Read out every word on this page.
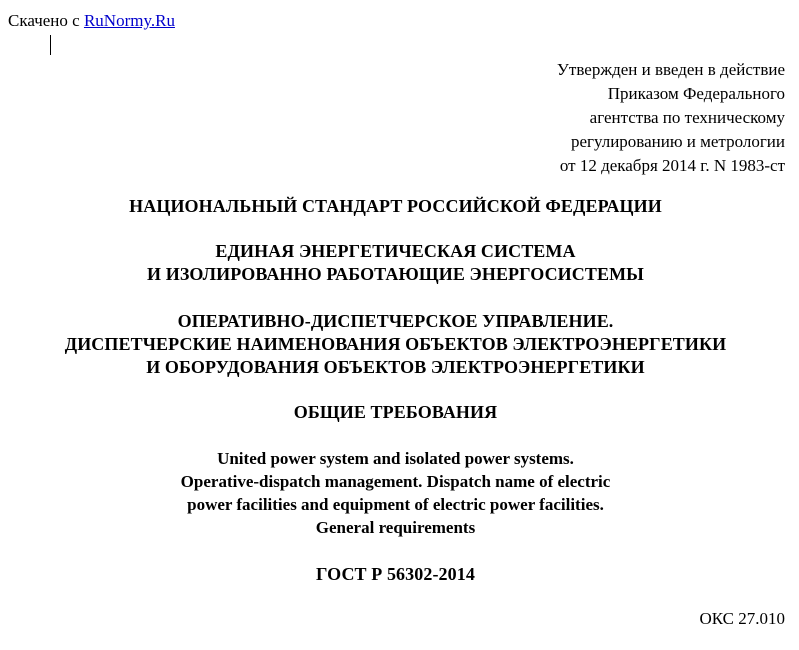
Скачено с RuNormy.Ru
Утвержден и введен в действие
Приказом Федерального
агентства по техническому
регулированию и метрологии
от 12 декабря 2014 г. N 1983-ст
НАЦИОНАЛЬНЫЙ СТАНДАРТ РОССИЙСКОЙ ФЕДЕРАЦИИ
ЕДИНАЯ ЭНЕРГЕТИЧЕСКАЯ СИСТЕМА
И ИЗОЛИРОВАННО РАБОТАЮЩИЕ ЭНЕРГОСИСТЕМЫ
ОПЕРАТИВНО-ДИСПЕТЧЕРСКОЕ УПРАВЛЕНИЕ.
ДИСПЕТЧЕРСКИЕ НАИМЕНОВАНИЯ ОБЪЕКТОВ ЭЛЕКТРОЭНЕРГЕТИКИ
И ОБОРУДОВАНИЯ ОБЪЕКТОВ ЭЛЕКТРОЭНЕРГЕТИКИ
ОБЩИЕ ТРЕБОВАНИЯ
United power system and isolated power systems.
Operative-dispatch management. Dispatch name of electric
power facilities and equipment of electric power facilities.
General requirements
ГОСТ Р 56302-2014
ОКС 27.010
